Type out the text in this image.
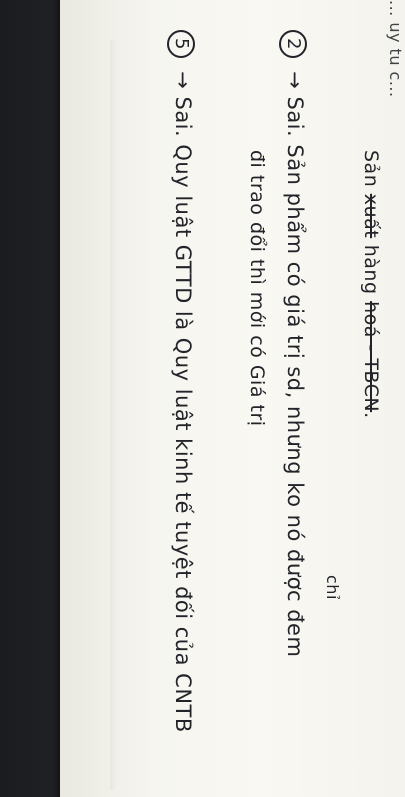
... uy tu c...
Sản xuất hàng hoá - TBCN.
2 → Sai. Sản phẩm có giá trị sd, nhưng ko nó được đem chỉ
đi trao đổi thì mới có Giá trị
5 → Sai. Quy luật GTTD là Quy luật kinh tế tuyệt đối của CNTB
